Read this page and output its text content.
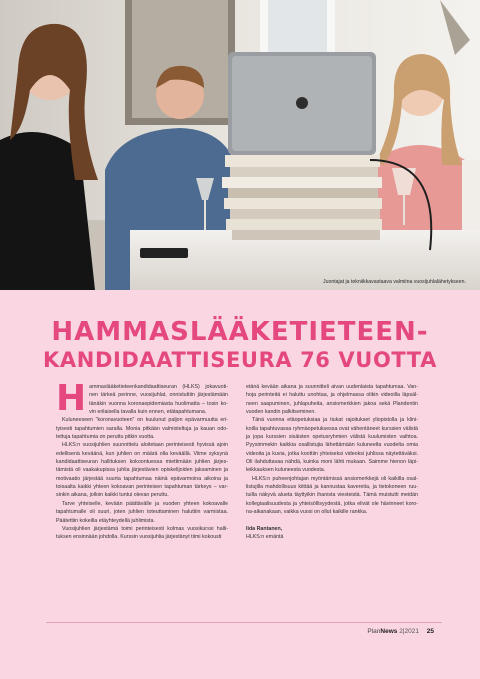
Juontajat ja tekniikkavastaava valmiina vuosijuhlalähetykseen.
HAMMASLÄÄKETIETEEN-
KANDIDAATTISEURA 76 VUOTTA
H ammaslääketieteenkandidaattiseuran (HLKS) jokavuoti-nen tärkeä perinne, vuosijuhlat, onnistuttiin järjestämään tänäkin vuonna koronaepidemiasta huolimatta – tosin ko-vin erilaisella tavalla kuin ennen, etätapahtumana.

Kuluneeseen "koronavuoteen" on kuulunut paljon epävarmuutta eri-tyisesti tapahtumien saralla. Monia pitkään valmisteltuja ja kauan odo-tettuja tapahtumia on peruttu pitkin vuotta.

HLKS:n vuosijuhlien suunnittelu aloitetaan perinteisesti hyvissä ajoin edellisenä keväänä, kun juhlien on määrä olla keväällä. Viime syksynä kandidaattiseuran hallituksen kokoontuessa miettimään juhlien järjes-tämistä oli vaakakupissa juhlia järjestävien opiskelijoiden jaksaminen ja motivaatio järjestää suurta tapahtumaa näinä epävarmoina aikoina ja toisaalta kaikki yhteen kokoavan perinteisen tapahtuman tärkeys – var-sinkin aikana, jolloin kaikki tuntui olevan peruttu.

Tarve yhteiselle, kevään päättävälle ja vuoden yhteen kokoavalle tapahtumalle oli suuri, joten juhlien toteuttaminen haluttiin varmistaa. Päätettiin kokeilla etäyhteydellä juhlimista.

Vuosijuhlien järjestämä toimi perinteisesti kolmas vuosikurssi halli-tuksen ensinnään johdolla. Kurssin vuosijuhlia järjestänyt tiimi kokousti

etänä kevään aikana ja suunnitteli aivan uudenlaista tapahtumaa. Van-hoja perinteitä ei haluttu unohtaa, ja ohjelmassa olikin videoilla läpsäl-neen saapuminen, juhlapuheita, ansiomerkkien jakoa sekä Plandentin vuoden kandin palkitseminen.

Tänä vuonna etäopetuksiaa ja tiukat rajoitukset yliopistolla ja klini-koilla tapahtuvassa ryhmäopetuksessa ovat vähentäneet kurssien välistä ja jopa kurssien sisäisten opetusryhmien välistä kuulumisten vaihtoa. Pyysimmekin kaikkia osallistujia lähettämään kuluneelta vuodelta omia videoita ja kuvia, jotka koottiin yhteiseksi videoksi juhlissa näytettäväksi. Oli ilahduttavaa nähdä, kuinka moni lähti mukaan. Saimme hienon läpi-leikkauksen kuluneesta vuodesta.

HLKS:n puheenjohtajan myöntämissä ansiomerkkejä oli kaikilla osal-listujilla mahdollisuus kiittää ja kannustaa kavereita, ja tietokoneen ruu-tuilla näkyvä alueta täyttyikin ihanista viesteistä. Tämä muistutti meidän kollegiaalisuudesta ja yhteisöllisyydestä, jotka elivät ole hävinneet koro-na-aikanakaan, vaikka vuosi on ollut kaikille rankka.

Iida Rantanen,
HLKS:n emäntä

PlanNews 2|2021 25
